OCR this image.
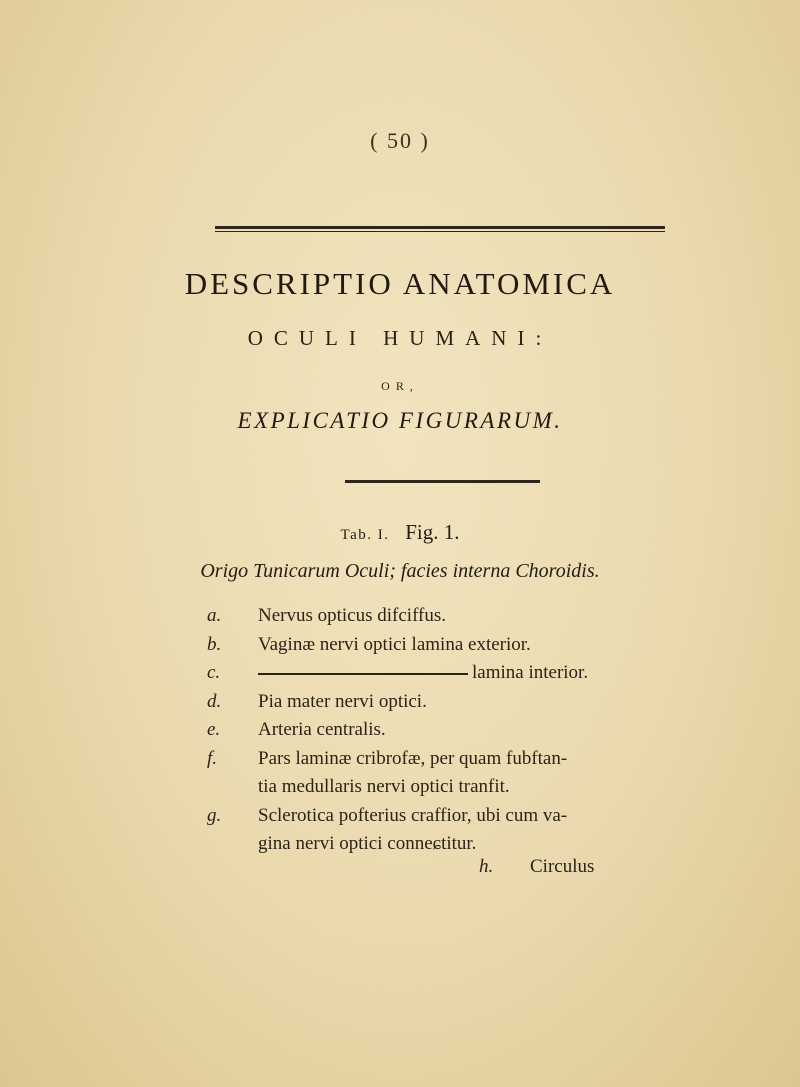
( 50 )
DESCRIPTIO ANATOMICA
OCULI HUMANI:
OR,
EXPLICATIO FIGURARUM.
Tab. I. Fig. 1.
Origo Tunicarum Oculi; facies interna Choroidis.
a.	Nervus opticus difciffus.
b.	Vaginæ nervi optici lamina exterior.
c.	lamina interior.
d.	Pia mater nervi optici.
e.	Arteria centralis.
f.	Pars laminæ cribrofæ, per quam fubftan-
tia medullaris nervi optici tranfit.
g.	Sclerotica pofterius craffior, ubi cum va-
gina nervi optici conneɕtitur.
h. Circulus
